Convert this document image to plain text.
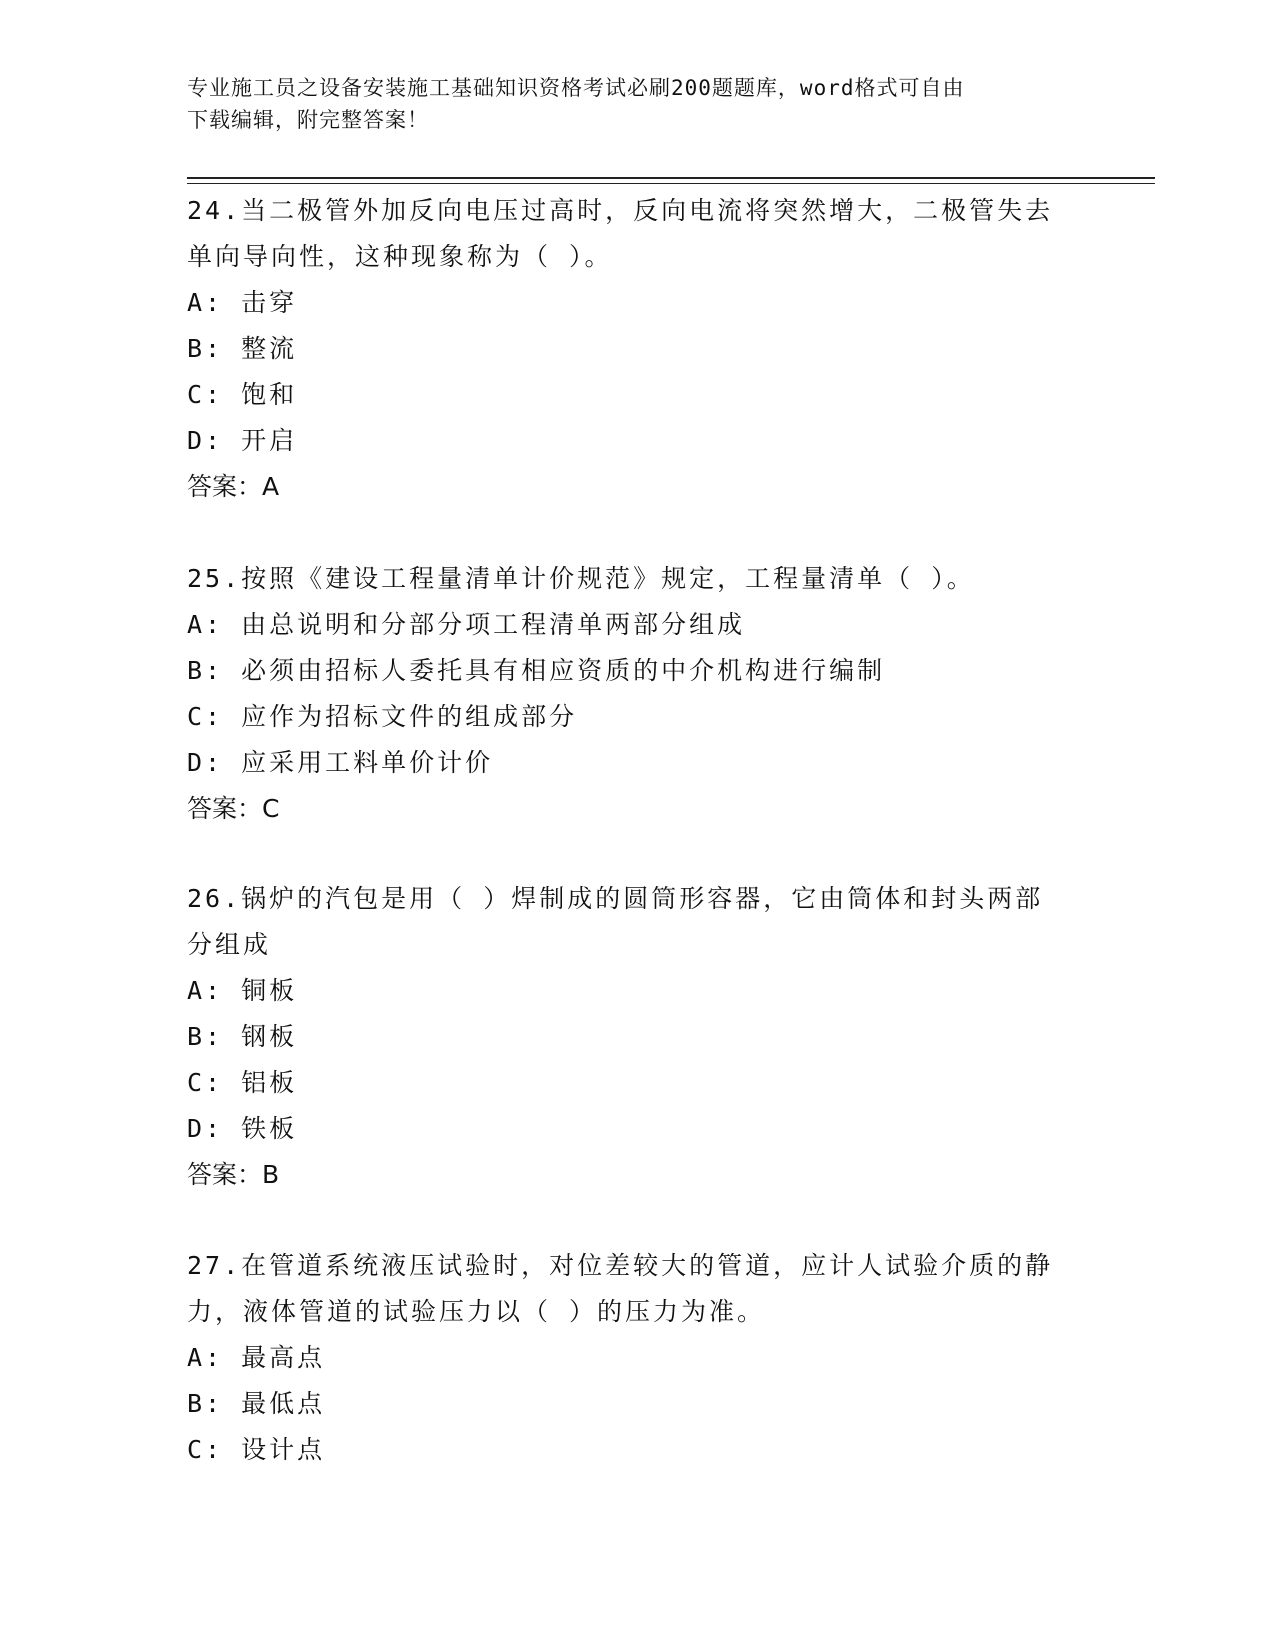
专业施工员之设备安装施工基础知识资格考试必刷200题题库，word格式可自由
下载编辑，附完整答案！

24.当二极管外加反向电压过高时，反向电流将突然增大，二极管失去

单向导向性，这种现象称为（ ）。

A: 击穿

B: 整流

C: 饱和

D: 开启

答案：A

25.按照《建设工程量清单计价规范》规定，工程量清单（ ）。

A: 由总说明和分部分项工程清单两部分组成

B: 必须由招标人委托具有相应资质的中介机构进行编制

C: 应作为招标文件的组成部分

D: 应采用工料单价计价

答案：C

26.锅炉的汽包是用（ ）焊制成的圆筒形容器，它由筒体和封头两部

分组成

A: 铜板

B: 钢板

C: 铝板

D: 铁板

答案：B

27.在管道系统液压试验时，对位差较大的管道，应计人试验介质的静

力，液体管道的试验压力以（ ）的压力为准。

A: 最高点

B: 最低点

C: 设计点
